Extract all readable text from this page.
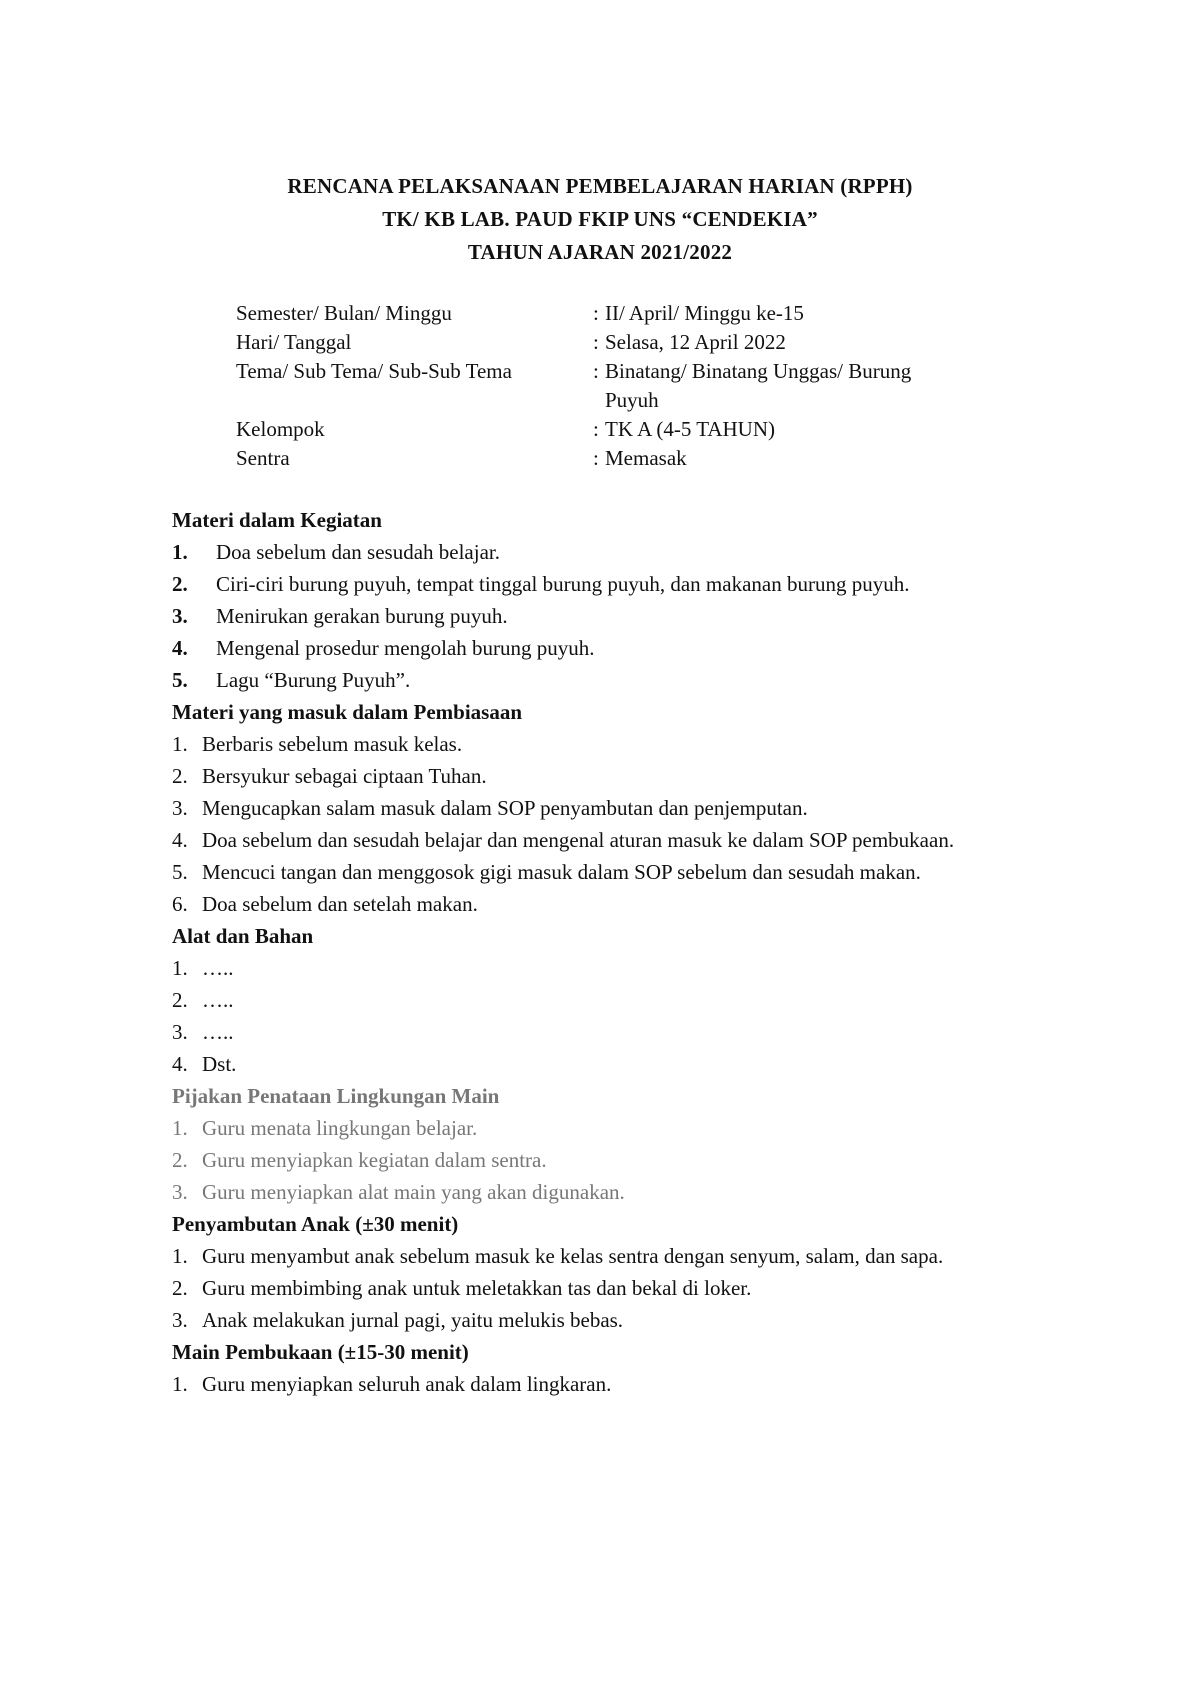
RENCANA PELAKSANAAN PEMBELAJARAN HARIAN (RPPH)
TK/ KB LAB. PAUD FKIP UNS “CENDEKIA”
TAHUN AJARAN 2021/2022
Semester/ Bulan/ Minggu	: II/ April/ Minggu ke-15
Hari/ Tanggal	: Selasa, 12 April 2022
Tema/ Sub Tema/ Sub-Sub Tema	: Binatang/ Binatang Unggas/ Burung Puyuh
Kelompok	: TK A (4-5 TAHUN)
Sentra	: Memasak
Materi dalam Kegiatan
1.	Doa sebelum dan sesudah belajar.
2.	Ciri-ciri burung puyuh, tempat tinggal burung puyuh, dan makanan burung puyuh.
3.	Menirukan gerakan burung puyuh.
4.	Mengenal prosedur mengolah burung puyuh.
5.	Lagu “Burung Puyuh”.
Materi yang masuk dalam Pembiasaan
1. Berbaris sebelum masuk kelas.
2. Bersyukur sebagai ciptaan Tuhan.
3. Mengucapkan salam masuk dalam SOP penyambutan dan penjemputan.
4. Doa sebelum dan sesudah belajar dan mengenal aturan masuk ke dalam SOP pembukaan.
5. Mencuci tangan dan menggosok gigi masuk dalam SOP sebelum dan sesudah makan.
6. Doa sebelum dan setelah makan.
Alat dan Bahan
1. …..
2. …..
3. …..
4. Dst.
Pijakan Penataan Lingkungan Main
1. Guru menata lingkungan belajar.
2. Guru menyiapkan kegiatan dalam sentra.
3. Guru menyiapkan alat main yang akan digunakan.
Penyambutan Anak (±30 menit)
1. Guru menyambut anak sebelum masuk ke kelas sentra dengan senyum, salam, dan sapa.
2. Guru membimbing anak untuk meletakkan tas dan bekal di loker.
3. Anak melakukan jurnal pagi, yaitu melukis bebas.
Main Pembukaan (±15-30 menit)
1. Guru menyiapkan seluruh anak dalam lingkaran.
